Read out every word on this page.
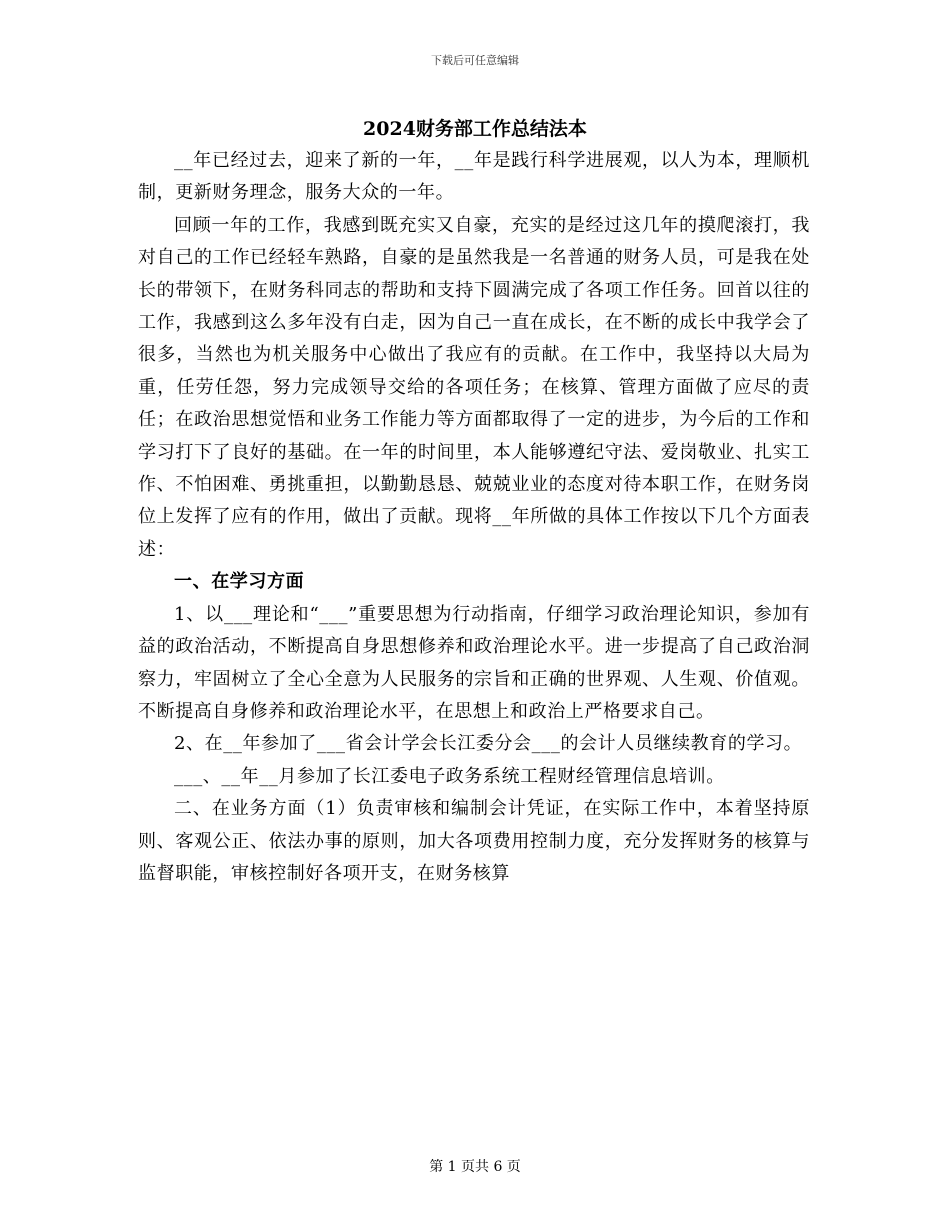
下载后可任意编辑
2024财务部工作总结法本

__年已经过去，迎来了新的一年，__年是践行科学进展观，以人为本，理顺机制，更新财务理念，服务大众的一年。

回顾一年的工作，我感到既充实又自豪，充实的是经过这几年的摸爬滚打，我对自己的工作已经轻车熟路，自豪的是虽然我是一名普通的财务人员，可是我在处长的带领下，在财务科同志的帮助和支持下圆满完成了各项工作任务。回首以往的工作，我感到这么多年没有白走，因为自己一直在成长，在不断的成长中我学会了很多，当然也为机关服务中心做出了我应有的贡献。在工作中，我坚持以大局为重，任劳任怨，努力完成领导交给的各项任务；在核算、管理方面做了应尽的责任；在政治思想觉悟和业务工作能力等方面都取得了一定的进步，为今后的工作和学习打下了良好的基础。在一年的时间里，本人能够遵纪守法、爱岗敬业、扎实工作、不怕困难、勇挑重担，以勤勤恳恳、兢兢业业的态度对待本职工作，在财务岗位上发挥了应有的作用，做出了贡献。现将__年所做的具体工作按以下几个方面表述：

一、在学习方面

1、以___理论和“___”重要思想为行动指南，仔细学习政治理论知识，参加有益的政治活动，不断提高自身思想修养和政治理论水平。进一步提高了自己政治洞察力，牢固树立了全心全意为人民服务的宗旨和正确的世界观、人生观、价值观。不断提高自身修养和政治理论水平，在思想上和政治上严格要求自己。

2、在__年参加了___省会计学会长江委分会___的会计人员继续教育的学习。

___、__年__月参加了长江委电子政务系统工程财经管理信息培训。

二、在业务方面（1）负责审核和编制会计凭证，在实际工作中，本着坚持原则、客观公正、依法办事的原则，加大各项费用控制力度，充分发挥财务的核算与监督职能，审核控制好各项开支，在财务核算

第 1 页共 6 页
